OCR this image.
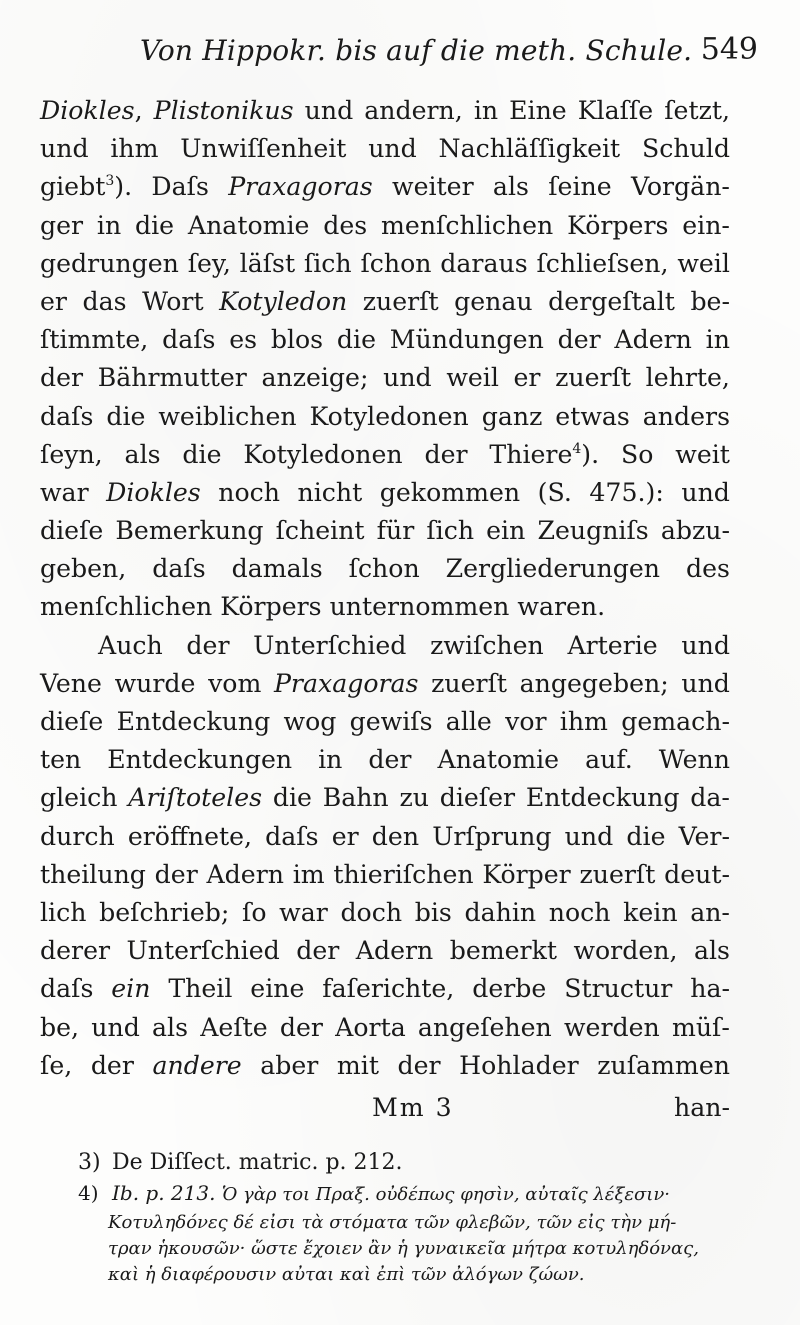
Von Hippokr. bis auf die meth. Schule. 549
Diokles, Plistonikus und andern, in Eine Klaſſe ſetzt,
und ihm Unwiſſenheit und Nachläſſigkeit Schuld
giebt$^3$). Daſs Praxagoras weiter als ſeine Vorgän-
ger in die Anatomie des menſchlichen Körpers ein-
gedrungen ſey, läſst ſich ſchon daraus ſchlieſsen, weil
er das Wort Kotyledon zuerſt genau dergeſtalt be-
ſtimmte, daſs es blos die Mündungen der Adern in
der Bährmutter anzeige; und weil er zuerſt lehrte,
daſs die weiblichen Kotyledonen ganz etwas anders
ſeyn, als die Kotyledonen der Thiere$^4$). So weit
war Diokles noch nicht gekommen (S. 475.): und
dieſe Bemerkung ſcheint für ſich ein Zeugniſs abzu-
geben, daſs damals ſchon Zergliederungen des
menſchlichen Körpers unternommen waren.
Auch der Unterſchied zwiſchen Arterie und
Vene wurde vom Praxagoras zuerſt angegeben; und
dieſe Entdeckung wog gewiſs alle vor ihm gemach-
ten Entdeckungen in der Anatomie auf. Wenn
gleich Ariſtoteles die Bahn zu dieſer Entdeckung da-
durch eröffnete, daſs er den Urſprung und die Ver-
theilung der Adern im thieriſchen Körper zuerſt deut-
lich beſchrieb; ſo war doch bis dahin noch kein an-
derer Unterſchied der Adern bemerkt worden, als
daſs ein Theil eine faſerichte, derbe Structur ha-
be, und als Aeſte der Aorta angeſehen werden müſ-
ſe, der andere aber mit der Hohlader zuſammen
Mm 3	han-
3) De Diſſect. matric. p. 212.
4) Ib. p. 213. Ὁ γὰρ τοι Πραξ. οὐδέπως φησὶν, αὐταῖς λέξεσιν·
Κοτυληδόνες δέ εἰσι τὰ στόματα τῶν φλεβῶν, τῶν εἰς τὴν μή-
τραν ἡκουσῶν· ὥστε ἔχοιεν ἂν ἡ γυναικεῖα μήτρα κοτυληδόνας,
καὶ ἡ διαφέρουσιν αὐται καὶ ἐπὶ τῶν ἀλόγων ζώων.
